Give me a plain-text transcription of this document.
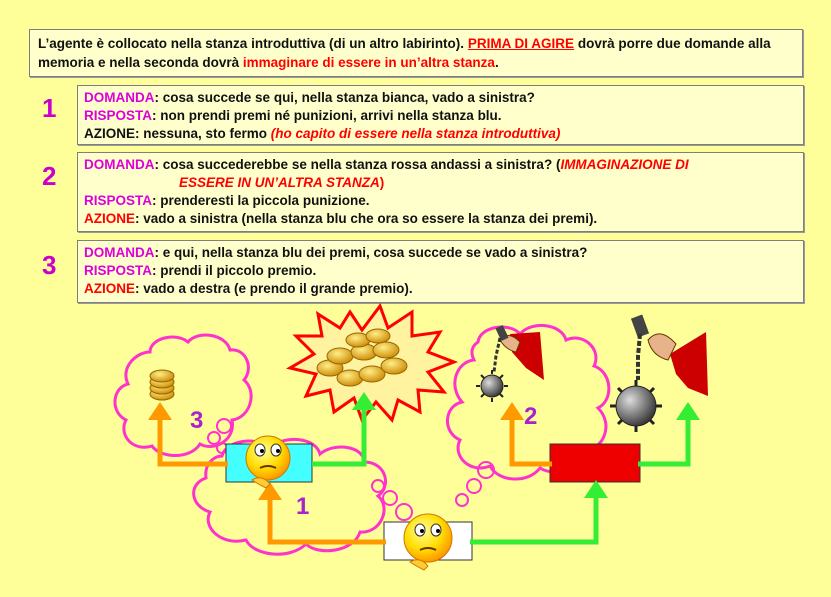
L’agente è collocato nella stanza introduttiva (di un altro labirinto). PRIMA DI AGIRE dovrà porre due domande alla memoria e nella seconda dovrà immaginare di essere in un’altra stanza.
1 DOMANDA: cosa succede se qui, nella stanza bianca, vado a sinistra?
RISPOSTA: non prendi premi né punizioni, arrivi nella stanza blu.
AZIONE: nessuna, sto fermo (ho capito di essere nella stanza introduttiva)
2 DOMANDA: cosa succederebbe se nella stanza rossa andassi a sinistra? (IMMAGINAZIONE DI
ESSERE IN UN’ALTRA STANZA)
RISPOSTA: prenderesti la piccola punizione.
AZIONE: vado a sinistra (nella stanza blu che ora so essere la stanza dei premi).
3 DOMANDA: e qui, nella stanza blu dei premi, cosa succede se vado a sinistra?
RISPOSTA: prendi il piccolo premio.
AZIONE: vado a destra (e prendo il grande premio).
3
1
2
